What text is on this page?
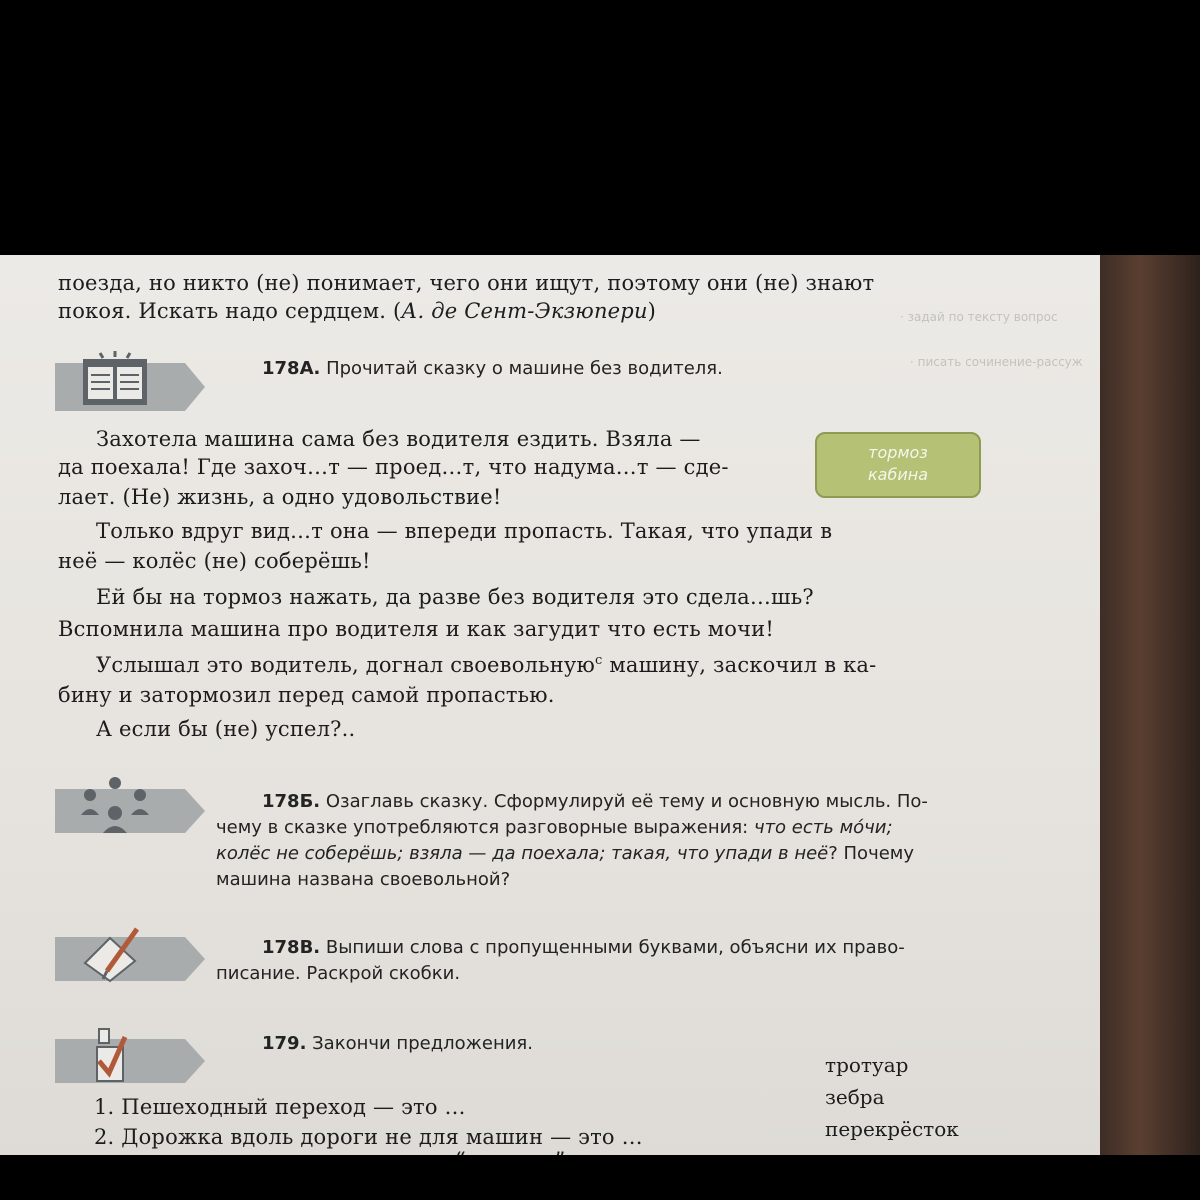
· задай по тексту вопрос
· писать сочинение-рассуж
поезда, но никто (не) понимает, чего они ищут, поэтому они (не) знают
покоя. Искать надо сердцем. (А. де Сент-Экзюпери)
178А. Прочитай сказку о машине без водителя.
Захотела машина сама без водителя ездить. Взяла —
да поехала! Где захоч…т — проед…т, что надума…т — сде-
лает. (Не) жизнь, а одно удовольствие!
Только вдруг вид…т она — впереди пропасть. Такая, что упади в
неё — колёс (не) соберёшь!
Ей бы на тормоз нажать, да разве без водителя это сдела…шь?
Вспомнила машина про водителя и как загудит что есть мочи!
Услышал это водитель, догнал своевольную$^с$ машину, заскочил в ка-
бину и затормозил перед самой пропастью.
А если бы (не) успел?..
тормоз
кабина
178Б. Озаглавь сказку. Сформулируй её тему и основную мысль. По-
чему в сказке употребляются разговорные выражения: что есть мо́чи;
колёс не соберёшь; взяла — да поехала; такая, что упади в неё? Почему
машина названа своевольной?
178В. Выпиши слова с пропущенными буквами, объясни их право-
писание. Раскрой скобки.
179. Закончи предложения.
1. Пешеходный переход — это …
2. Дорожка вдоль дороги не для машин — это …
тротуар
зебра
перекрёсток
